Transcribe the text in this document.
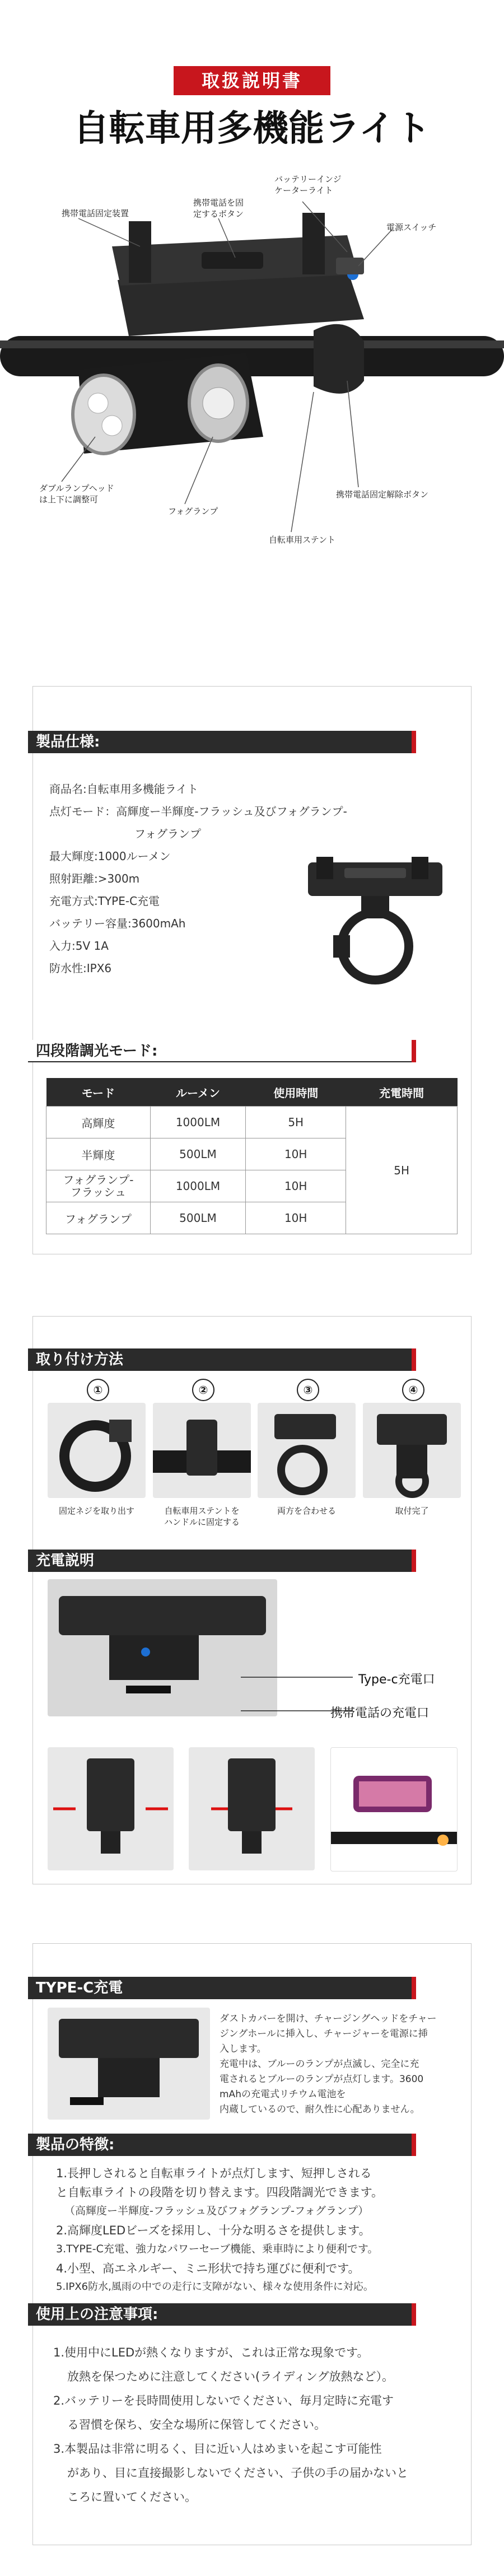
取扱説明書
自転車用多機能ライト
携帯電話固定装置
携帯電話を固
定するボタン
バッテリーインジ
ケーターライト
電源スイッチ
ダブルランプヘッド
は上下に調整可
フォグランプ
自転車用ステント
携帯電話固定解除ボタン
製品仕様:
商品名:自転車用多機能ライト
点灯モード：高輝度ー半輝度-フラッシュ及びフォグランプ-
フォグランプ
最大輝度:1000ルーメン
照射距離:>300m
充電方式:TYPE-C充電
バッテリー容量:3600mAh
入力:5V 1A
防水性:IPX6
四段階調光モード:
モード	ルーメン	使用時間	充電時間
高輝度	1000LM	5H	5H
半輝度	500LM	10H	
フォグランプ-
フラッシュ	1000LM	10H	
フォグランプ	500LM	10H	
取り付け方法
①	②	③	④
固定ネジを取り出す	自転車用ステントを
ハンドルに固定する
両方を合わせる	取付完了
充電説明
Type-c充電口
携帯電話の充電口
TYPE-C充電
ダストカバーを開け、チャージングヘッドをチャー
ジングホールに挿入し、チャージャーを電源に挿
入します。
充電中は、ブルーのランプが点滅し、完全に充
電されるとブルーのランプが点灯します。3600
mAhの充電式リチウム電池を
内蔵しているので、耐久性に心配ありません。
製品の特徴:
1.長押しされると自転車ライトが点灯します、短押しされる
と自転車ライトの段階を切り替えます。四段階調光できます。
（高輝度ー半輝度-フラッシュ及びフォグランプ-フォグランプ）
2.高輝度LEDビーズを採用し、十分な明るさを提供します。
3.TYPE-C充電、強力なパワーセーブ機能、乗車時により便利です。
4.小型、高エネルギー、ミニ形状で持ち運びに便利です。
5.IPX6防水,風雨の中での走行に支障がない、様々な使用条件に対応。
使用上の注意事項:
1.使用中にLEDが熱くなりますが、これは正常な現象です。
放熱を保つために注意してください(ライディング放熱など）。
2.バッテリーを長時間使用しないでください、毎月定時に充電す
る習慣を保ち、安全な場所に保管してください。
3.本製品は非常に明るく、目に近い人はめまいを起こす可能性
があり、目に直接撮影しないでください、子供の手の届かないと
ころに置いてください。
